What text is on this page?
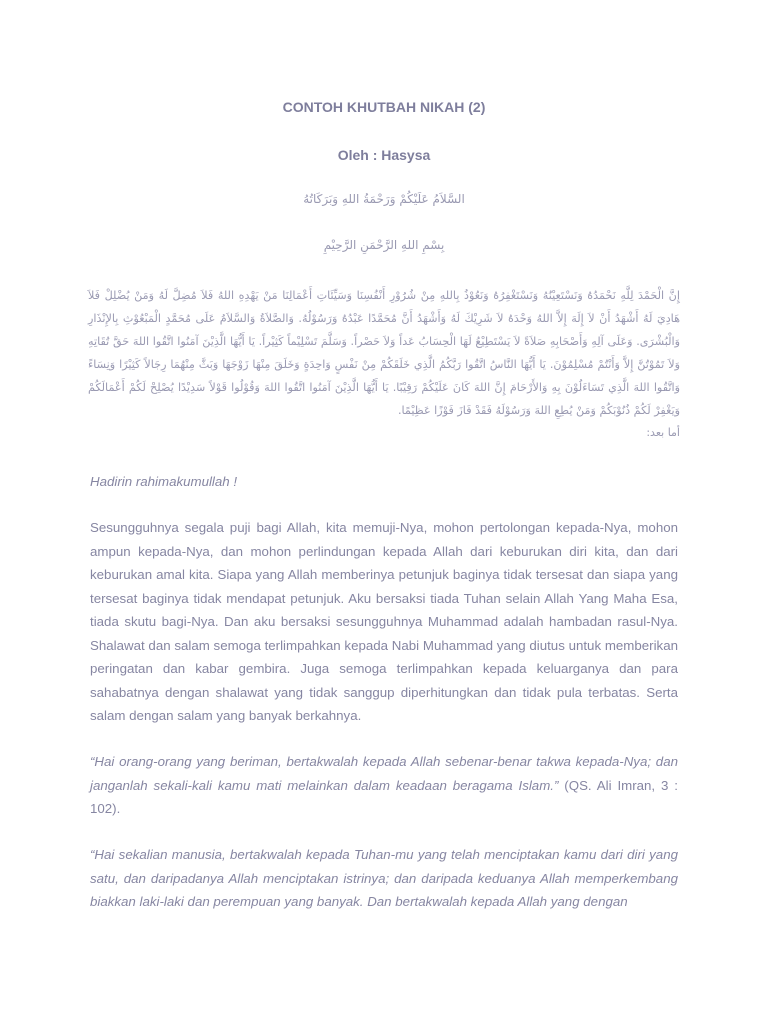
CONTOH KHUTBAH NIKAH (2)
Oleh : Hasysa
السَّلاَمُ عَلَيْكُمْ وَرَحْمَةُ اللهِ وَبَرَكَاتُهُ
بِسْمِ اللهِ الرَّحْمَنِ الرَّحِيْمِ
إِنَّ الْحَمْدَ لِلَّهِ نَحْمَدُهُ وَنَسْتَعِيْنُهُ وَنَسْتَغْفِرُهُ وَنَعُوْذُ بِاللهِ مِنْ شُرُوْرِ أَنْفُسِنَا وَسَيِّئَاتِ أَعْمَالِنَا مَنْ يَهْدِهِ اللهُ فَلاَ مُضِلَّ لَهُ وَمَنْ يُضْلِلْ فَلاَ هَادِيَ لَهُ أَشْهَدُ أَنْ لاَ إِلَهَ إِلاَّ اللهُ وَحْدَهُ لاَ شَرِيْكَ لَهُ وَأَشْهَدُ أَنَّ مُحَمَّدًا عَبْدُهُ وَرَسُوْلُهُ. وَالصَّلاَةُ وَالسَّلاَمُ عَلَى مُحَمَّدٍ الْمَبْعُوْثِ بِالإِنْذَارِ وَالْبُشْرَى. وَعَلَى آلِهِ وَأَصْحَابِهِ صَلاَةً لاَ يَسْتَطِيْعُ لَهَا الْحِسَابُ عَداً وَلاَ حَصْراً. وَسَلَّمَ تَسْلِيْماً كَثِيْراً. يَا أَيُّهَا الَّذِيْنَ آمَنُوا اتَّقُوا اللهَ حَقَّ تُقَاتِهِ وَلاَ تَمُوْتُنَّ إِلاَّ وَأَنْتُمْ مُسْلِمُوْنَ. يَا أَيُّهَا النَّاسُ اتَّقُوا رَبَّكُمُ الَّذِي خَلَقَكُمْ مِنْ نَفْسٍ وَاحِدَةٍ وَخَلَقَ مِنْهَا زَوْجَهَا وَبَثَّ مِنْهُمَا رِجَالاً كَثِيْرًا وَنِسَاءً وَاتَّقُوا اللهَ الَّذِي تَسَاءَلُوْنَ بِهِ وَالأَرْحَامَ إِنَّ اللهَ كَانَ عَلَيْكُمْ رَقِيْبًا. يَا أَيُّهَا الَّذِيْنَ آمَنُوا اتَّقُوا اللهَ وَقُوْلُوا قَوْلاً سَدِيْدًا يُصْلِحْ لَكُمْ أَعْمَالَكُمْ وَيَغْفِرْ لَكُمْ ذُنُوْبَكُمْ وَمَنْ يُطِعِ اللهَ وَرَسُوْلَهُ فَقَدْ فَازَ فَوْزًا عَظِيْمًا.
أما بعد:
Hadirin rahimakumullah !
Sesungguhnya segala puji bagi Allah, kita memuji-Nya, mohon pertolongan kepada-Nya, mohon ampun kepada-Nya, dan mohon perlindungan kepada Allah dari keburukan diri kita, dan dari keburukan amal kita. Siapa yang Allah memberinya petunjuk baginya tidak tersesat dan siapa yang tersesat baginya tidak mendapat petunjuk. Aku bersaksi tiada Tuhan selain Allah Yang Maha Esa, tiada skutu bagi-Nya. Dan aku bersaksi sesungguhnya Muhammad adalah hambadan rasul-Nya. Shalawat dan salam semoga terlimpahkan kepada Nabi Muhammad yang diutus untuk memberikan peringatan dan kabar gembira. Juga semoga terlimpahkan kepada keluarganya dan para sahabatnya dengan shalawat yang tidak sanggup diperhitungkan dan tidak pula terbatas. Serta salam dengan salam yang banyak berkahnya.
“Hai orang-orang yang beriman, bertakwalah kepada Allah sebenar-benar takwa kepada-Nya; dan janganlah sekali-kali kamu mati melainkan dalam keadaan beragama Islam.” (QS. Ali Imran, 3 : 102).
“Hai sekalian manusia, bertakwalah kepada Tuhan-mu yang telah menciptakan kamu dari diri yang satu, dan daripadanya Allah menciptakan istrinya; dan daripada keduanya Allah memperkembang biakkan laki-laki dan perempuan yang banyak. Dan bertakwalah kepada Allah yang dengan
